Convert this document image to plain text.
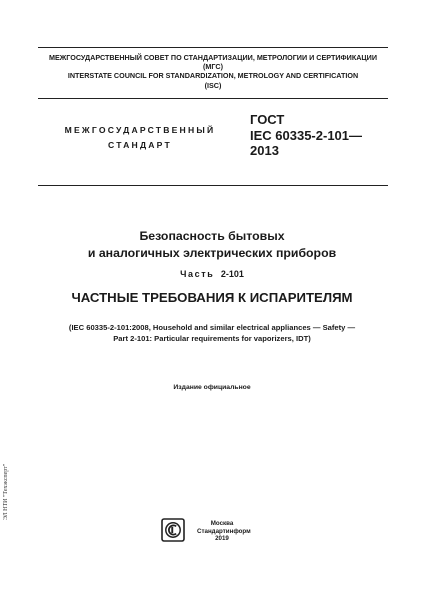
МЕЖГОСУДАРСТВЕННЫЙ СОВЕТ ПО СТАНДАРТИЗАЦИИ, МЕТРОЛОГИИ И СЕРТИФИКАЦИИ
(МГС)
INTERSTATE COUNCIL FOR STANDARDIZATION, METROLOGY AND CERTIFICATION
(ISC)
МЕЖГОСУДАРСТВЕННЫЙ
СТАНДАРТ
ГОСТ
IEC 60335-2-101—
2013
Безопасность бытовых
и аналогичных электрических приборов
Часть 2-101
ЧАСТНЫЕ ТРЕБОВАНИЯ К ИСПАРИТЕЛЯМ
(IEC 60335-2-101:2008, Household and similar electrical appliances — Safety —
Part 2-101: Particular requirements for vaporizers, IDT)
Издание официальное
ЭЛ НТИ "Техэксперт"
Москва
Стандартинформ
2019
